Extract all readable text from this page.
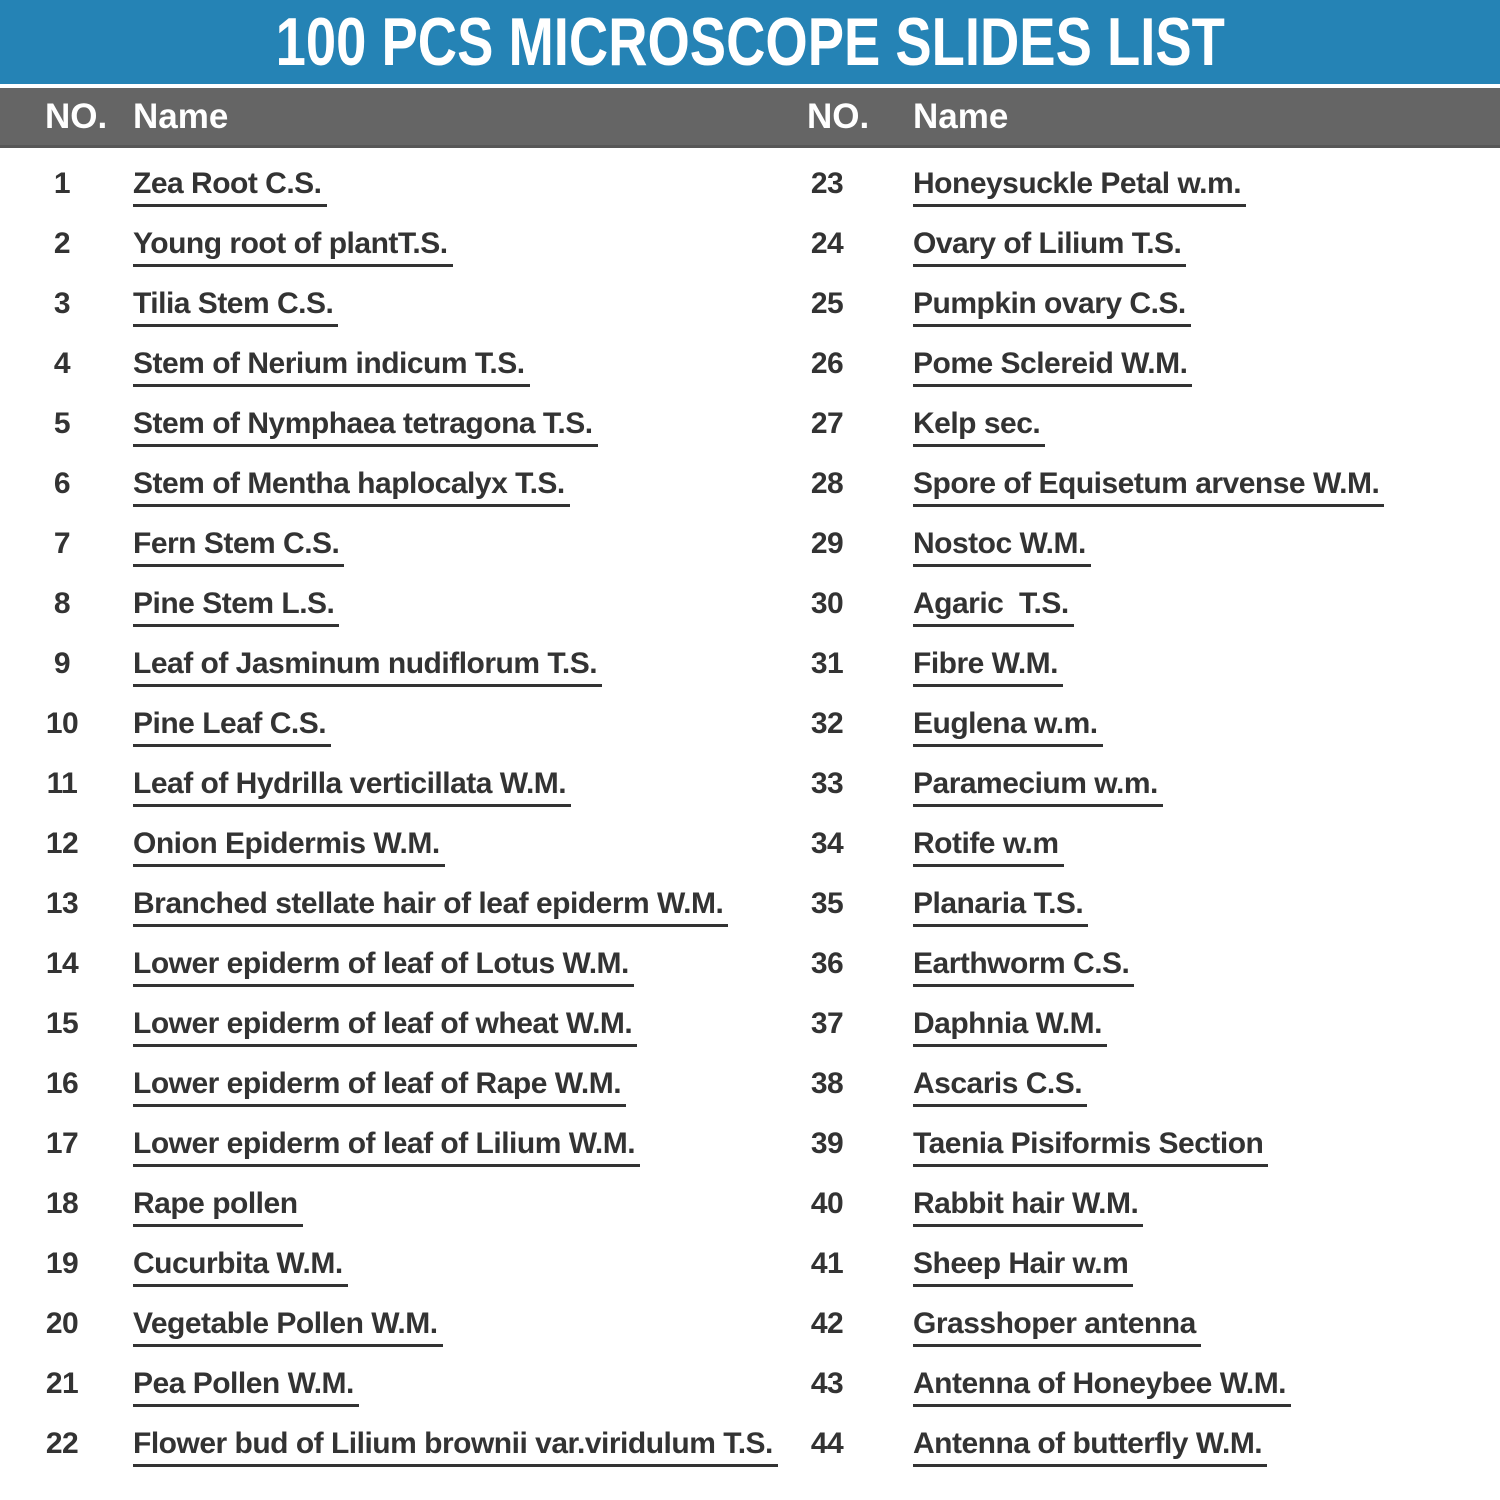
100 PCS MICROSCOPE SLIDES LIST
NO. Name	NO.	Name
1	Zea Root C.S.	23	Honeysuckle Petal w.m.
2	Young root of plantT.S.	24	Ovary of Lilium T.S.
3	Tilia Stem C.S.	25	Pumpkin ovary C.S.
4	Stem of Nerium indicum T.S.	26	Pome Sclereid W.M.
5	Stem of Nymphaea tetragona T.S.	27	Kelp sec.
6	Stem of Mentha haplocalyx T.S.	28	Spore of Equisetum arvense W.M.
7	Fern Stem C.S.	29	Nostoc W.M.
8	Pine Stem L.S.	30	Agaric  T.S.
9	Leaf of Jasminum nudiflorum T.S.	31	Fibre W.M.
10	Pine Leaf C.S.	32	Euglena w.m.
11	Leaf of Hydrilla verticillata W.M.	33	Paramecium w.m.
12	Onion Epidermis W.M.	34	Rotife w.m
13	Branched stellate hair of leaf epiderm W.M.	35	Planaria T.S.
14	Lower epiderm of leaf of Lotus W.M.	36	Earthworm C.S.
15	Lower epiderm of leaf of wheat W.M.	37	Daphnia W.M.
16	Lower epiderm of leaf of Rape W.M.	38	Ascaris C.S.
17	Lower epiderm of leaf of Lilium W.M.	39	Taenia Pisiformis Section
18	Rape pollen	40	Rabbit hair W.M.
19	Cucurbita W.M.	41	Sheep Hair w.m
20	Vegetable Pollen W.M.	42	Grasshoper antenna
21	Pea Pollen W.M.	43	Antenna of Honeybee W.M.
22	Flower bud of Lilium brownii var.viridulum T.S.	44	Antenna of butterfly W.M.
